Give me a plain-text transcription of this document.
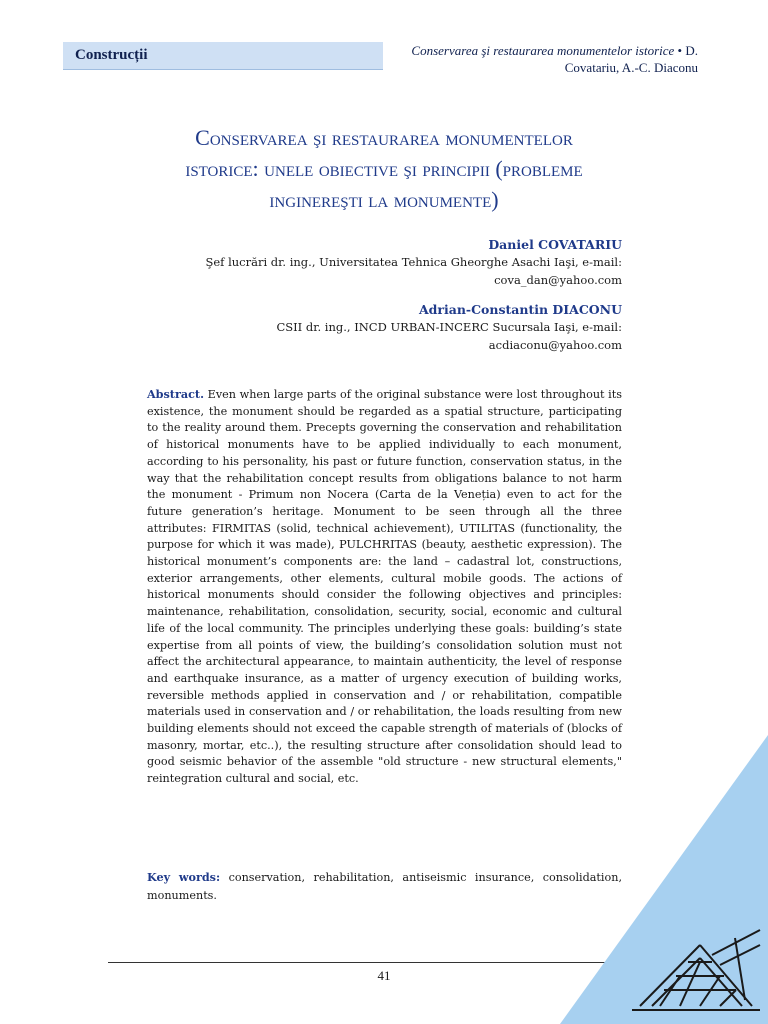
Construcții	Conservarea şi restaurarea monumentelor istorice • D. Covatariu, A.-C. Diaconu
Conservarea şi restaurarea monumentelor
istorice: unele obiective şi principii (probleme
inginereşti la monumente)
Daniel COVATARIU
Şef lucrări dr. ing., Universitatea Tehnica Gheorghe Asachi Iaşi, e-mail:
cova_dan@yahoo.com
Adrian-Constantin DIACONU
CSII dr. ing., INCD URBAN-INCERC Sucursala Iaşi, e-mail:
acdiaconu@yahoo.com
Abstract. Even when large parts of the original substance were lost throughout its existence, the monument should be regarded as a spatial structure, participating to the reality around them. Precepts governing the conservation and rehabilitation of historical monuments have to be applied individually to each monument, according to his personality, his past or future function, conservation status, in the way that the rehabilitation concept results from obligations balance to not harm the monument - Primum non Nocera (Carta de la Veneția) even to act for the future generation’s heritage. Monument to be seen through all the three attributes: FIRMITAS (solid, technical achievement), UTILITAS (functionality, the purpose for which it was made), PULCHRITAS (beauty, aesthetic expression). The historical monument’s components are: the land – cadastral lot, constructions, exterior arrangements, other elements, cultural mobile goods. The actions of historical monuments should consider the following objectives and principles: maintenance, rehabilitation, consolidation, security, social, economic and cultural life of the local community. The principles underlying these goals: building’s state expertise from all points of view, the building’s consolidation solution must not affect the architectural appearance, to maintain authenticity, the level of response and earthquake insurance, as a matter of urgency execution of building works, reversible methods applied in conservation and / or rehabilitation, compatible materials used in conservation and / or rehabilitation, the loads resulting from new building elements should not exceed the capable strength of materials of (blocks of masonry, mortar, etc..), the resulting structure after consolidation should lead to good seismic behavior of the assemble "old structure - new structural elements," reintegration cultural and social, etc.
Key words: conservation, rehabilitation, antiseismic insurance, consolidation, monuments.
41
